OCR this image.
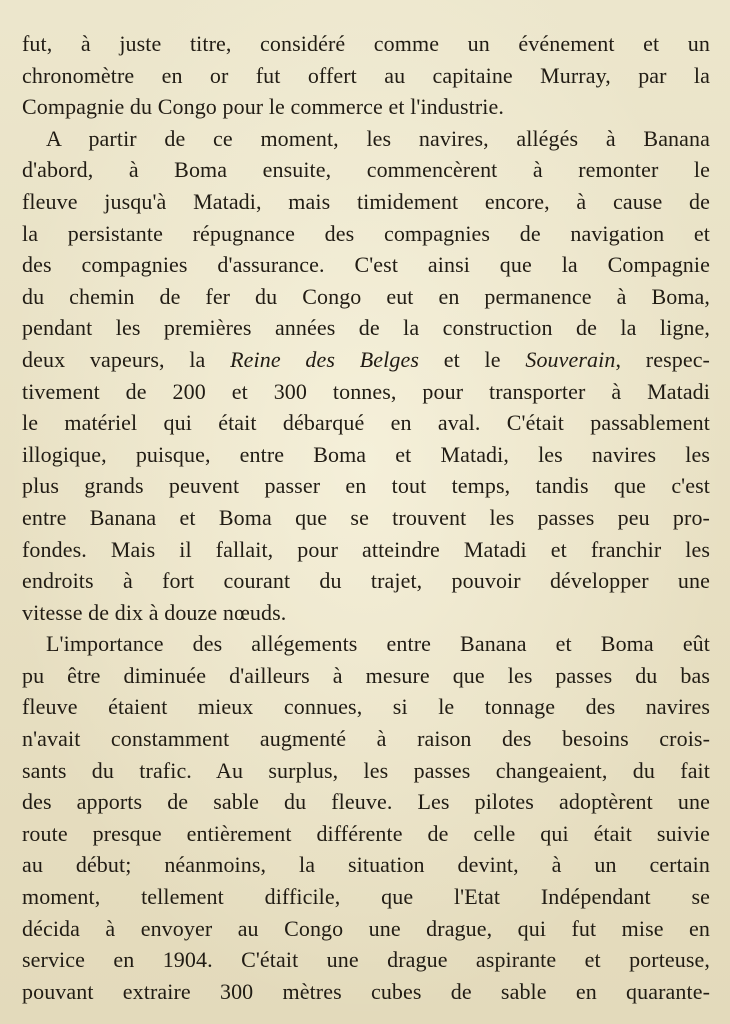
fut, à juste titre, considéré comme un événement et un
chronomètre en or fut offert au capitaine Murray, par la
Compagnie du Congo pour le commerce et l'industrie.
A partir de ce moment, les navires, allégés à Banana
d'abord, à Boma ensuite, commencèrent à remonter le
fleuve jusqu'à Matadi, mais timidement encore, à cause de
la persistante répugnance des compagnies de navigation et
des compagnies d'assurance. C'est ainsi que la Compagnie
du chemin de fer du Congo eut en permanence à Boma,
pendant les premières années de la construction de la ligne,
deux vapeurs, la Reine des Belges et le Souverain, respec-
tivement de 200 et 300 tonnes, pour transporter à Matadi
le matériel qui était débarqué en aval. C'était passablement
illogique, puisque, entre Boma et Matadi, les navires les
plus grands peuvent passer en tout temps, tandis que c'est
entre Banana et Boma que se trouvent les passes peu pro-
fondes. Mais il fallait, pour atteindre Matadi et franchir les
endroits à fort courant du trajet, pouvoir développer une
vitesse de dix à douze nœuds.
L'importance des allégements entre Banana et Boma eût
pu être diminuée d'ailleurs à mesure que les passes du bas
fleuve étaient mieux connues, si le tonnage des navires
n'avait constamment augmenté à raison des besoins crois-
sants du trafic. Au surplus, les passes changeaient, du fait
des apports de sable du fleuve. Les pilotes adoptèrent une
route presque entièrement différente de celle qui était suivie
au début; néanmoins, la situation devint, à un certain
moment, tellement difficile, que l'Etat Indépendant se
décida à envoyer au Congo une drague, qui fut mise en
service en 1904. C'était une drague aspirante et porteuse,
pouvant extraire 300 mètres cubes de sable en quarante-
